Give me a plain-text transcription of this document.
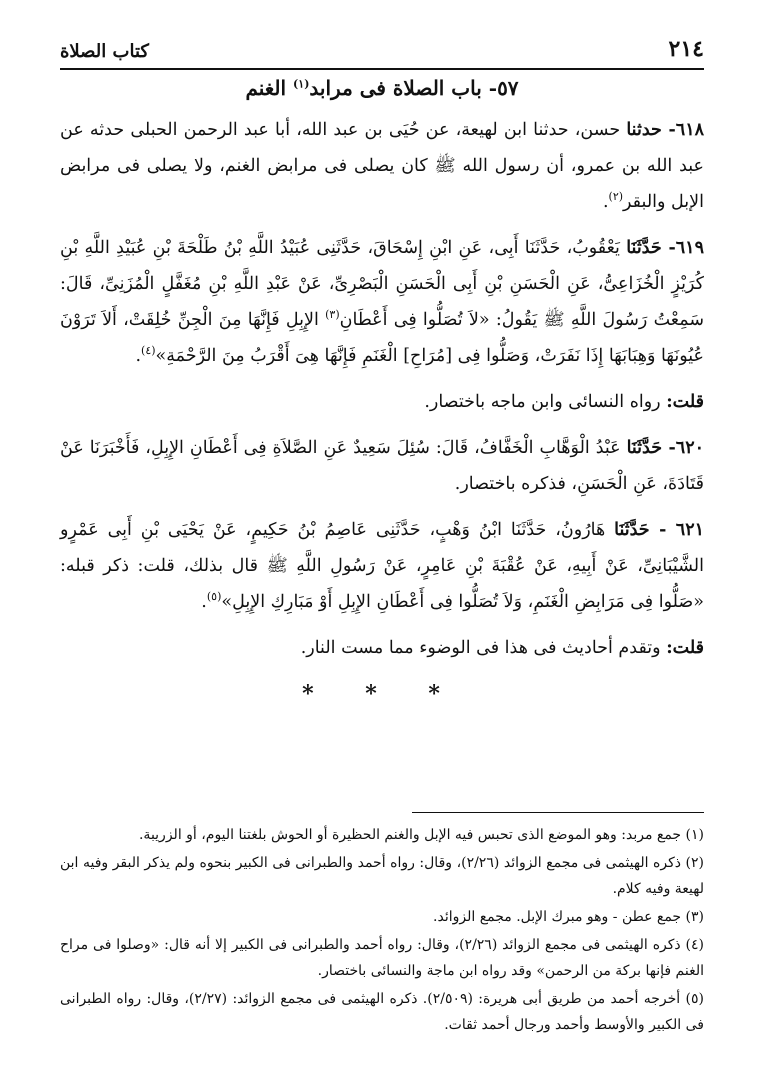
٢١٤
كتاب الصلاة
٥٧- باب الصلاة فى مرابد$^{(١)}$ الغنم

٦١٨- حدثنا حسن، حدثنا ابن لهيعة، عن حُيَى بن عبد الله، أبا عبد الرحمن الحبلى حدثه عن عبد الله بن عمرو، أن رسول الله ﷺ كان يصلى فى مرابض الغنم، ولا يصلى فى مرابض الإبل والبقر$^{(٢)}$.

٦١٩- حَدَّثَنَا يَعْقُوبُ، حَدَّثَنَا أَبِى، عَنِ ابْنِ إِسْحَاقَ، حَدَّثَنِى عُبَيْدُ اللَّهِ بْنُ طَلْحَةَ بْنِ عُبَيْدِ اللَّهِ بْنِ كُرَيْزٍ الْخُزَاعِىُّ، عَنِ الْحَسَنِ بْنِ أَبِى الْحَسَنِ الْبَصْرِىِّ، عَنْ عَبْدِ اللَّهِ بْنِ مُغَفَّلٍ الْمُزَنِىِّ، قَالَ: سَمِعْتُ رَسُولَ اللَّهِ ﷺ يَقُولُ: «لاَ تُصَلُّوا فِى أَعْطَانِ$^{(٣)}$ الإِبِلِ فَإِنَّهَا مِنَ الْجِنِّ خُلِقَتْ، أَلاَ تَرَوْنَ عُيُونَهَا وَهِبَابَهَا إِذَا نَفَرَتْ، وَصَلُّوا فِى [مُرَاحِ] الْغَنَمِ فَإِنَّهَا هِىَ أَقْرَبُ مِنَ الرَّحْمَةِ»$^{(٤)}$.

قلت: رواه النسائى وابن ماجه باختصار.

٦٢٠- حَدَّثَنَا عَبْدُ الْوَهَّابِ الْخَفَّافُ، قَالَ: سُئِلَ سَعِيدٌ عَنِ الصَّلاَةِ فِى أَعْطَانِ الإِبِلِ، فَأَخْبَرَنَا عَنْ قَتَادَةَ، عَنِ الْحَسَنِ، فذكره باختصار.

٦٢١ - حَدَّثَنَا هَارُونُ، حَدَّثَنَا ابْنُ وَهْبٍ، حَدَّثَنِى عَاصِمُ بْنُ حَكِيمٍ، عَنْ يَحْيَى بْنِ أَبِى عَمْرٍو الشَّيْبَانِىِّ، عَنْ أَبِيهِ، عَنْ عُقْبَةَ بْنِ عَامِرٍ، عَنْ رَسُولِ اللَّهِ ﷺ قال بذلك، قلت: ذكر قبله: «صَلُّوا فِى مَرَابِضِ الْغَنَمِ، وَلاَ تُصَلُّوا فِى أَعْطَانِ الإِبِلِ أَوْ مَبَارِكِ الإِبِلِ»$^{(٥)}$.

قلت: وتقدم أحاديث فى هذا فى الوضوء مما مست النار.

* * *

(١) جمع مربد: وهو الموضع الذى تحبس فيه الإبل والغنم الحظيرة أو الحوش بلغتنا اليوم، أو الزريبة.

(٢) ذكره الهيثمى فى مجمع الزوائد (٢/٢٦)، وقال: رواه أحمد والطبرانى فى الكبير بنحوه ولم يذكر البقر وفيه ابن لهيعة وفيه كلام.

(٣) جمع عطن - وهو مبرك الإبل. مجمع الزوائد.

(٤) ذكره الهيثمى فى مجمع الزوائد (٢/٢٦)، وقال: رواه أحمد والطبرانى فى الكبير إلا أنه قال: «وصلوا فى مراح الغنم فإنها بركة من الرحمن» وقد رواه ابن ماجة والنسائى باختصار.

(٥) أخرجه أحمد من طريق أبى هريرة: (٢/٥٠٩). ذكره الهيثمى فى مجمع الزوائد: (٢/٢٧)، وقال: رواه الطبرانى فى الكبير والأوسط وأحمد ورجال أحمد ثقات.
